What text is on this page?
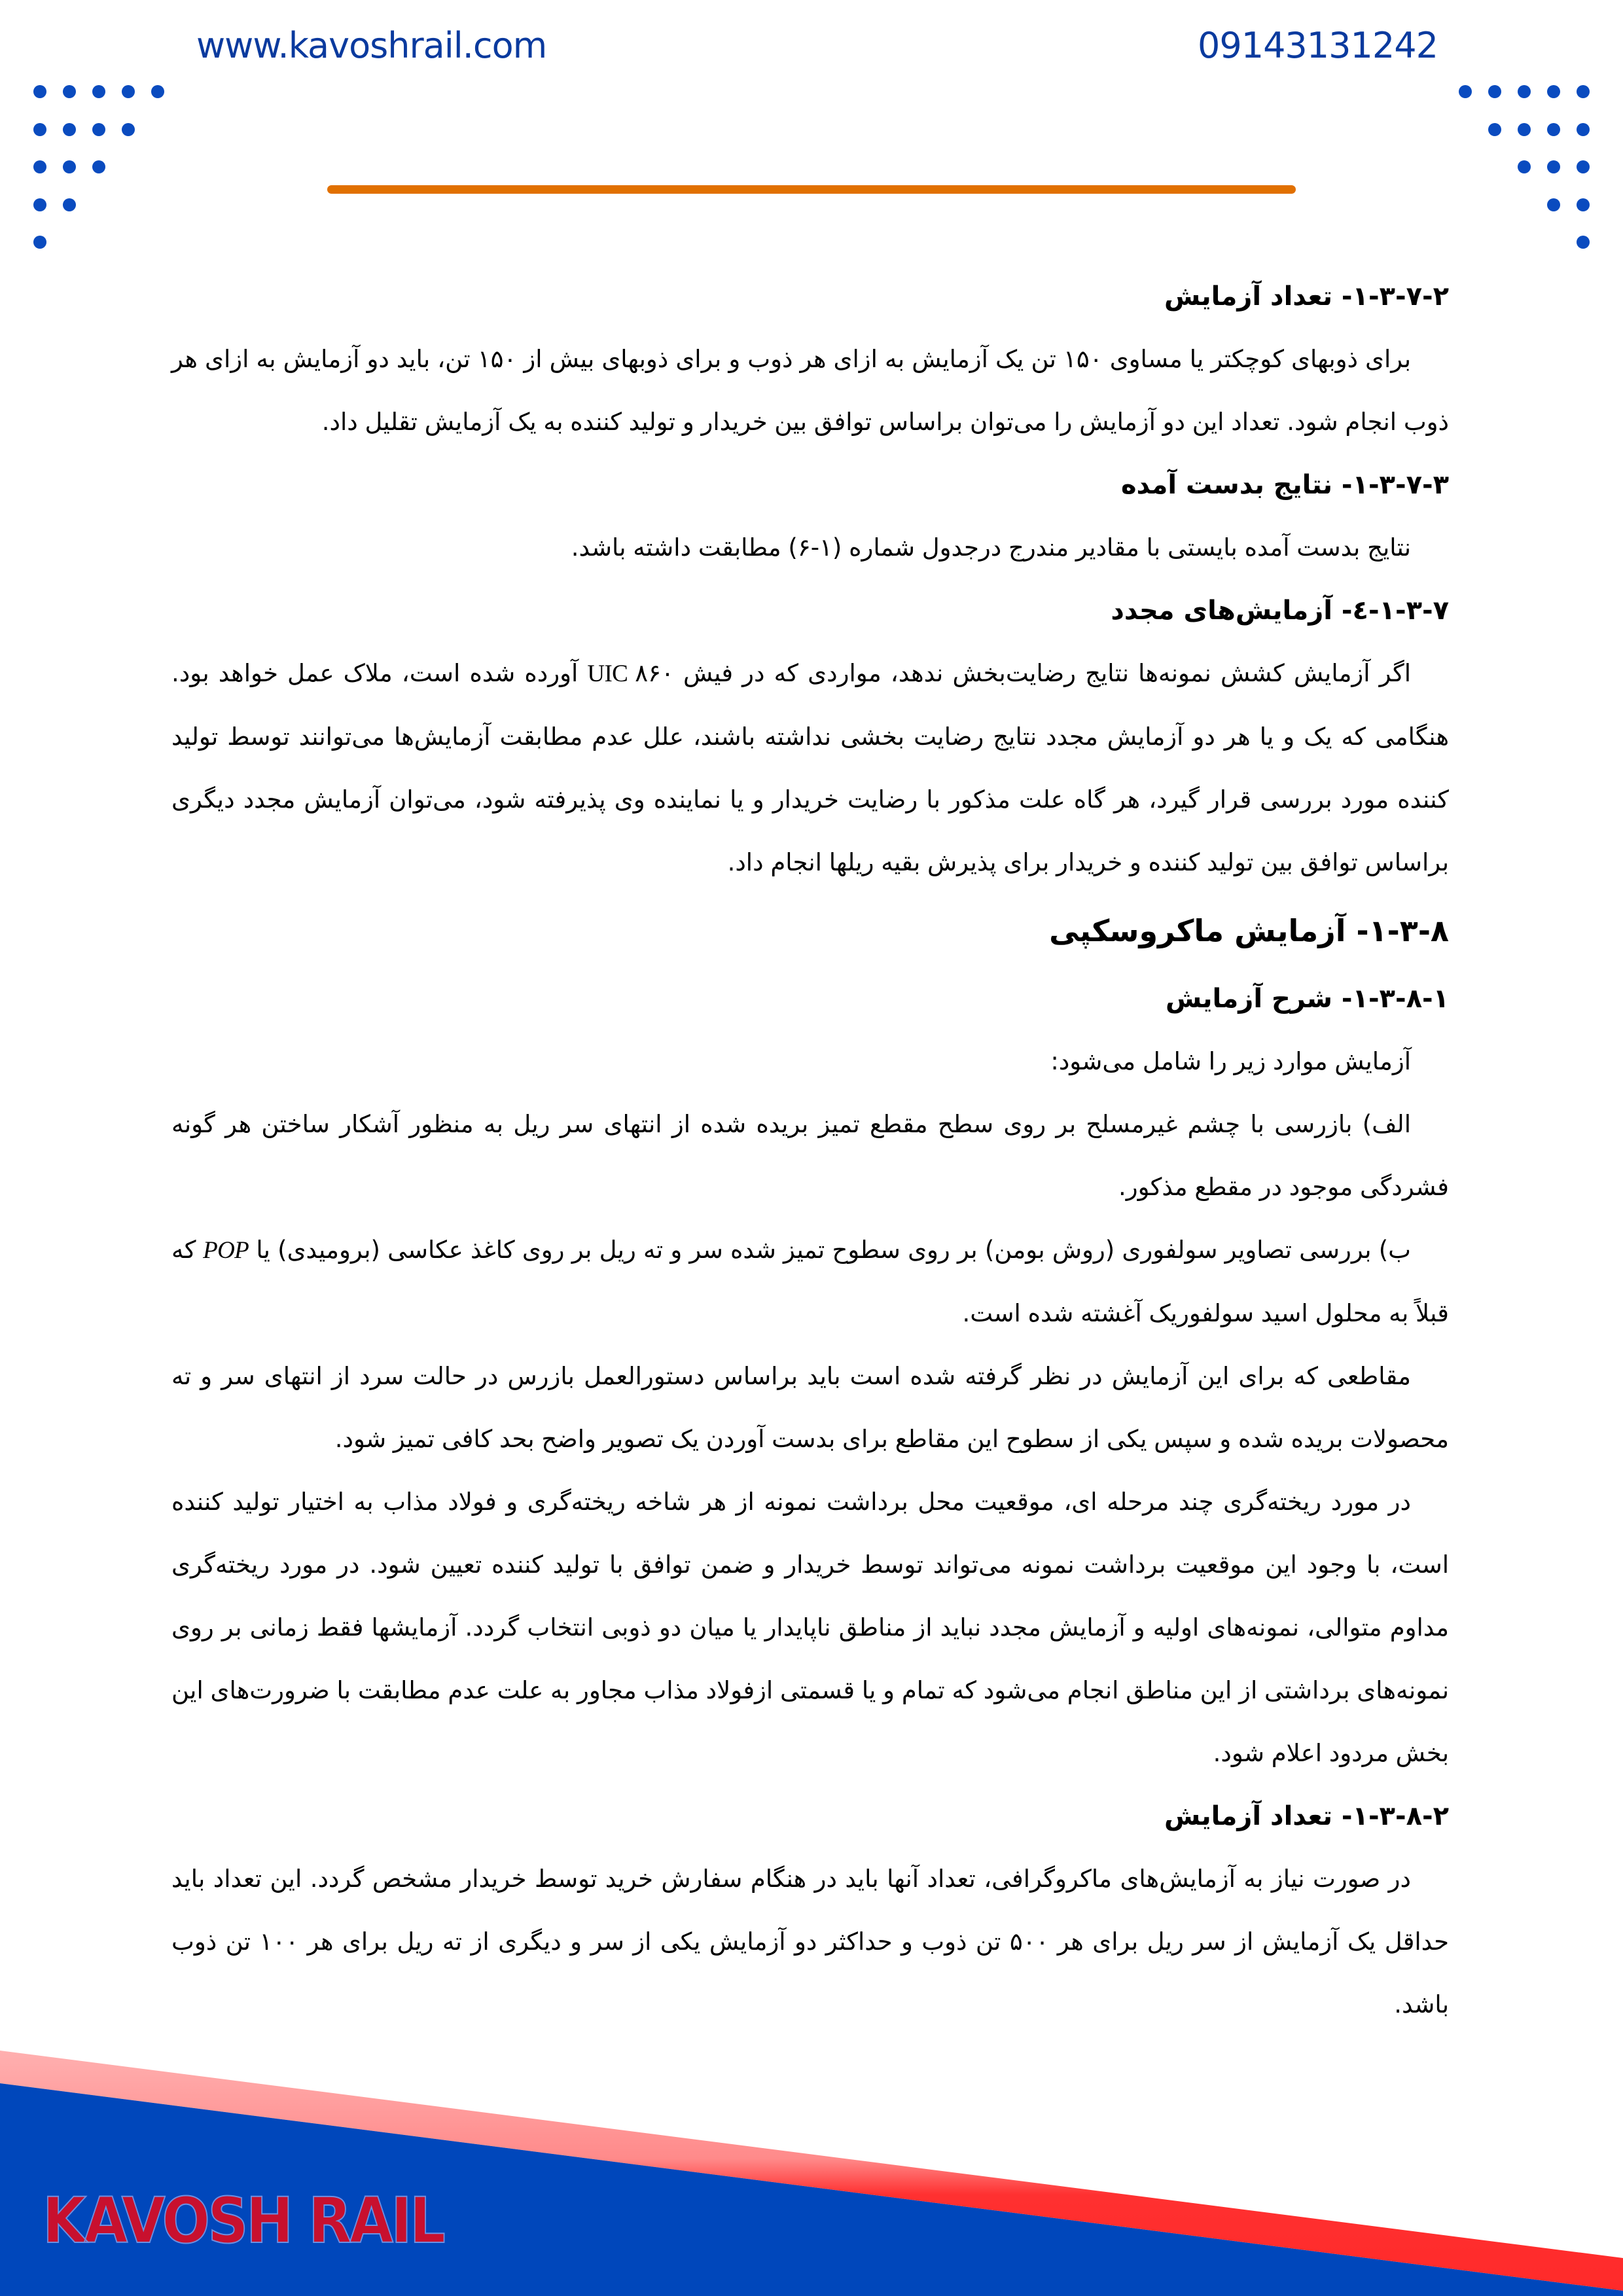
www.kavoshrail.com	09143131242
۱-۳-۷-۲- تعداد آزمایش

برای ذوبهای کوچکتر یا مساوی ۱۵۰ تن یک آزمایش به ازای هر ذوب و برای ذوبهای بیش از ۱۵۰ تن، باید دو آزمایش به ازای هر ذوب انجام شود. تعداد این دو آزمایش را می‌توان براساس توافق بین خریدار و تولید کننده به یک آزمایش تقلیل داد.

۱-۳-۷-۳- نتایج بدست آمده

نتایج بدست آمده بایستی با مقادیر مندرج درجدول شماره (۱-۶) مطابقت داشته باشد.

۱-۳-۷-٤- آزمایش‌های مجدد

اگر آزمایش کشش نمونه‌ها نتایج رضایت‌بخش ندهد، مواردی که در فیش UIC ۸۶۰ آورده شده است، ملاک عمل خواهد بود. هنگامی که یک و یا هر دو آزمایش مجدد نتایج رضایت بخشی نداشته باشند، علل عدم مطابقت آزمایش‌ها می‌توانند توسط تولید کننده مورد بررسی قرار گیرد، هر گاه علت مذکور با رضایت خریدار و یا نماینده وی پذیرفته شود، می‌توان آزمایش مجدد دیگری براساس توافق بین تولید کننده و خریدار برای پذیرش بقیه ریلها انجام داد.

۱-۳-۸- آزمایش ماکروسکپی
۱-۳-۸-۱- شرح آزمایش

آزمایش موارد زیر را شامل می‌شود:

الف) بازرسی با چشم غیرمسلح بر روی سطح مقطع تمیز بریده شده از انتهای سر ریل به منظور آشکار ساختن هر گونه فشردگی موجود در مقطع مذکور.

ب) بررسی تصاویر سولفوری (روش بومن) بر روی سطوح تمیز شده سر و ته ریل بر روی کاغذ عکاسی (برومیدی) یا POP که قبلاً به محلول اسید سولفوریک آغشته شده است.

مقاطعی که برای این آزمایش در نظر گرفته شده است باید براساس دستورالعمل بازرس در حالت سرد از انتهای سر و ته محصولات بریده شده و سپس یکی از سطوح این مقاطع برای بدست آوردن یک تصویر واضح بحد کافی تمیز شود.

در مورد ریخته‌گری چند مرحله ای، موقعیت محل برداشت نمونه از هر شاخه ریخته‌گری و فولاد مذاب به اختیار تولید کننده است، با وجود این موقعیت برداشت نمونه می‌تواند توسط خریدار و ضمن توافق با تولید کننده تعیین شود. در مورد ریخته‌گری مداوم متوالی، نمونه‌های اولیه و آزمایش مجدد نباید از مناطق ناپایدار یا میان دو ذوبی انتخاب گردد. آزمایشها فقط زمانی بر روی نمونه‌های برداشتی از این مناطق انجام می‌شود که تمام و یا قسمتی ازفولاد مذاب مجاور به علت عدم مطابقت با ضرورت‌های این بخش مردود اعلام شود.

۱-۳-۸-۲- تعداد آزمایش

در صورت نیاز به آزمایش‌های ماکروگرافی، تعداد آنها باید در هنگام سفارش خرید توسط خریدار مشخص گردد. این تعداد باید حداقل یک آزمایش از سر ریل برای هر ۵۰۰ تن ذوب و حداکثر دو آزمایش یکی از سر و دیگری از ته ریل برای هر ۱۰۰ تن ذوب باشد.

KAVOSH RAIL
